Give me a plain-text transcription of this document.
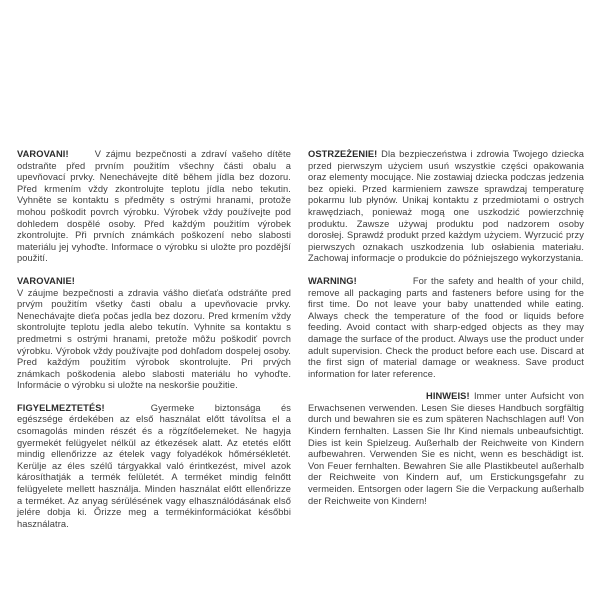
VAROVANI!	V zájmu bezpečnosti a zdraví vašeho dítěte odstraňte před prvním použitím všechny části obalu a upevňovací prvky. Nenechávejte dítě během jídla bez dozoru. Před krmením vždy zkontrolujte teplotu jídla nebo tekutin. Vyhněte se kontaktu s předměty s ostrými hranami, protože mohou poškodit povrch výrobku. Výrobek vždy používejte pod dohledem dospělé osoby. Před každým použitím výrobek zkontrolujte. Při prvních známkách poškození nebo slabosti materiálu jej vyhoďte. Informace o výrobku si uložte pro pozdější použití.

VAROVANIE!
V záujme bezpečnosti a zdravia vášho dieťaťa odstráňte pred prvým použitím všetky časti obalu a upevňovacie prvky. Nenechávajte dieťa počas jedla bez dozoru. Pred krmením vždy skontrolujte teplotu jedla alebo tekutín. Vyhnite sa kontaktu s predmetmi s ostrými hranami, pretože môžu poškodiť povrch výrobku. Výrobok vždy používajte pod dohľadom dospelej osoby. Pred každým použitím výrobok skontrolujte. Pri prvých známkach poškodenia alebo slabosti materiálu ho vyhoďte. Informácie o výrobku si uložte na neskoršie použitie.

FIGYELMEZTETÉS!	Gyermeke biztonsága és egészsége érdekében az első használat előtt távolítsa el a csomagolás minden részét és a rögzítőelemeket. Ne hagyja gyermekét felügyelet nélkül az étkezések alatt. Az etetés előtt mindig ellenőrizze az ételek vagy folyadékok hőmérsékletét. Kerülje az éles szélű tárgyakkal való érintkezést, mivel azok károsíthatják a termék felületét. A terméket mindig felnőtt felügyelete mellett használja. Minden használat előtt ellenőrizze a terméket. Az anyag sérülésének vagy elhasználódásának első jelére dobja ki. Őrizze meg a termékinformációkat későbbi használatra.

OSTRZEŻENIE! Dla bezpieczeństwa i zdrowia Twojego dziecka przed pierwszym użyciem usuń wszystkie części opakowania oraz elementy mocujące. Nie zostawiaj dziecka podczas jedzenia bez opieki. Przed karmieniem zawsze sprawdzaj temperaturę pokarmu lub płynów. Unikaj kontaktu z przedmiotami o ostrych krawędziach, ponieważ mogą one uszkodzić powierzchnię produktu. Zawsze używaj produktu pod nadzorem osoby dorosłej. Sprawdź produkt przed każdym użyciem. Wyrzucić przy pierwszych oznakach uszkodzenia lub osłabienia materiału. Zachowaj informacje o produkcie do późniejszego wykorzystania.

WARNING!	For the safety and health of your child, remove all packaging parts and fasteners before using for the first time. Do not leave your baby unattended while eating. Always check the temperature of the food or liquids before feeding. Avoid contact with sharp-edged objects as they may damage the surface of the product. Always use the product under adult supervision. Check the product before each use. Discard at the first sign of material damage or weakness. Save product information for later reference.

HINWEIS! Immer unter Aufsicht von Erwachsenen verwenden. Lesen Sie dieses Handbuch sorgfältig durch und bewahren sie es zum späteren Nachschlagen auf! Von Kindern fernhalten. Lassen Sie Ihr Kind niemals unbeaufsichtigt. Dies ist kein Spielzeug. Außerhalb der Reichweite von Kindern aufbewahren. Verwenden Sie es nicht, wenn es beschädigt ist. Von Feuer fernhalten. Bewahren Sie alle Plastikbeutel außerhalb der Reichweite von Kindern auf, um Erstickungsgefahr zu vermeiden. Entsorgen oder lagern Sie die Verpackung außerhalb der Reichweite von Kindern!
